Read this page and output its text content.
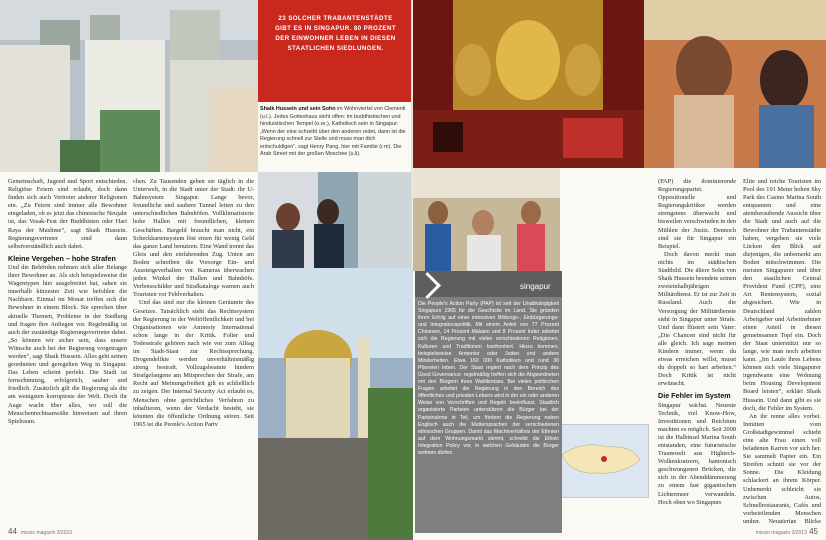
23 SOLCHER TRABANTENSTÄDTE GIBT ES IN SINGAPUR. 80 PROZENT DER EINWOHNER LEBEN IN DIESEN STAATLICHEN SIEDLUNGEN.
Shaik Hussein und sein Sohn im Wohnviertel von Clementi (u.l.). Jedes Gotteshaus steht offen: im buddhistischen und hinduistischen Tempel (o.re.), Katholisch sein in Singapur: „Wenn der eine schreibt über den anderen redet, dann ist die Regierung schnell zur Stelle und muss man dich entschuldigen“, sagt Henry Pang, hier mit Familie (r.m). Die Arab Street mit der großen Moschee (u.li).

Gemeinschaft, Jugend und Sport entschieden. Religiöse Feiern sind erlaubt, doch dann finden sich auch Vertreter anderer Religionen ein. „Zu Feiern sind immer alle Bewohner eingeladen, ob es jetzt das chinesische Neujahr ist, das Vesak-Fest der Buddhisten oder Hari Raya der Muslime“, sagt Shaik Hussein. Regierungsvertreter sind dann selbstverständlich auch dabei.

Kleine Vergehen – hohe Strafen

Und die Behörden nehmen sich aller Belange ihrer Bewohner an. Als sich beispielsweise die Wagentypen hier ausgebreitet hat, sahen sie innerhalb kürzester Zeit wie befohlen die Nachbarn. Einmal im Monat treffen sich die Bewohner in einem Block. Sie sprechen über aktuelle Themen, Probleme in der Siedlung und fragen ihre Anliegen vor. Regelmäßig ist auch der zuständige Regierungsvertreter dabei. „So können wir sicher sein, dass unsere Wünsche auch bei der Regierung vorgetragen werden“, sagt Shaik Hussein. Alles geht seinen geordneten und geregelten Weg in Singapur. Das Leben scheint perfekt. Die Stadt ist fernschmutzig, erfolgreich, sauber und friedlich. Zusätzlich gilt die Regierung als die am wenigsten korrupteste der Welt. Doch ihr Auge wacht über alles, wo soll die Menschenrechtsanwälte hinweisen auf ihren Spielraum.

chen. Zu Tausenden geben sie täglich in die Unterwelt, in die Stadt unter der Stadt: ihr U-Bahnsystem Singapur. Lange bevor, freundliche und saubere Tunnel leiten zu den unterschiedlichen Bahnhöfen. Vollklimatisierte hohe Hallen mit freundlichen, kleinen Geschäften. Bargeld braucht man nicht, ein Scheckkartensystem löst einen für wenig Geld das ganze Land benutzen. Eine Wand trennt das Gleis und den einfahrenden Zug. Unten am Boden schreiben die Vorsorge Ein- und Aussteigeverhalten vor. Kameras überwachen jeden Winkel der Hallen und Bahnhöfe. Verbotsschilder und Strafkataloge warnen auch Touristen vor Fehlverhalten.

Und das sind nur die kleinen Geräumte des Gesetzes. Tatsächlich steht das Rechtssystem der Regierung in der Weltöffentlichkeit und bei Organisationen wie Amnesty International schon lange in der Kritik. Folter und Todesstrafe gehören nach wie vor zum Alltag im Stadt-Staat zur Rechtssprechung. Drogendelikte werden unverhältnismäßig streng bestraft. Vollzugsbeamte hindern Strafgefangene am Mitsprechen der Strafe, am Recht auf Meinungsfreiheit gilt es schließlich zu zeigen. Der Internal Security Act erlaubt es, Menschen ohne gerichtliches Verfahren zu inhaftieren, wenn der Verdacht besteht, sie könnten die öffentliche Ordnung stören. Seit 1965 ist die People's Action Party

44 missio magazin 3/2013

(PAP) die dominierende Regierungspartei. Oppositionelle und Regierungskritiker werden strengstens überwacht und bisweilen verschwinden in den Mühlen der Justiz. Dennoch sind sie für Singapur ein Beispiel.

Doch davon merkt man nichts im städtischen Stadtbild. Die ältere Sohn von Shaik Hussein beendete seinen zweieinhalbjährigen Militärdienst. Er ist zur Zeit in Russland. Auch die Versorgung der Militärdienste sieht in Singapur unter Strafe. Und dann flüstert sein Vater: „Die Chancen sind nicht für alle gleich. Ich sage meinen Kindern immer, wenn du etwas erreichen willst, musst du doppelt so hart arbeiten.“ Doch Kritik ist nicht erwünscht.

Die Fehler im System

Singapur wächst. Neueste Technik, viel Know-How, Investitionen und Reichtum machten es möglich. Seit 2008 ist die Halbinsel Marina South entstanden, eine futuristische Traumwelt aus Hightech-Wolkenkratzern, hamonisch geschwungenen Brücken, die sich in der Abenddämmerung zu einem fast gigantischen Lichtermeer verwandeln. Hoch oben wo Singapurs

Elite und reiche Touristen im Pool des 191 Meter hohen Sky Park des Casino Marina South entspannen und eine atemberaubende Aussicht über die Stadt und auch auf die Bewohner der Trabantenstädte haben, vergeben sie viele Lücken den Blick auf diejenigen, die unbemerkt am Boden mitschwimmen. Die meisten Singapurer und über den staatlichen Central Provident Fund (CPF), eine Art Rentensystem, sozial abgesichert. Wie in Deutschland zahlen Arbeitgeber und Arbeitnehmer einen Anteil in diesen gemeinsamen Topf ein. Doch der Staat unterstützt nur so lange, wie man noch arbeiten kann. „Im Laufe ihres Lebens können sich viele Singapurer irgendwann eine Wohnung beim Housing Development Board leisten“, erklärt Shaik Hussein. Und dann gibt es sie doch, die Fehler im System.

An ihr renne alles vorbei. Inmitten vom Großstadtgewimmel schiebt eine alte Frau einen voll beladenen Karren vor sich her. Sie sammelt Papier ein. Ein Streifen schnitt sie vor der Sonne. Die Kleidung schlackert an ihrem Körper. Unbemerkt schleicht sie zwischen Autos, Schnellrestaurants, Cafés und vorbeieilenden Menschen umher. Neugierige Blicke

missio magazin 3/2013 45
singapur
Die People's Action Party (PAP) ist seit der Unabhängigkeit Singapurs 1965 für die Geschicke im Land. Sie gründen ihren Erfolg auf einer intensiven Bildungs-, Einbürgerungs- und Integrationspolitik. Mit einem Anteil von 77 Prozent Chinesen, 14 Prozent Malaien und 8 Prozent Inder arbeitet sich die Regierung mit vielen verschiedenen Religionen, Kulturen und Traditionen konfrontiert. Hinzu kommen, beispielsweise Armenier oder Juden und andere Minderheiten. Etwa 160 000 Katholiken und rund 30 Pfarreien leben. Der Staat regiert nach dem Prinzip des Good Governance: regelmäßig treffen sich die Abgeordneten mit den Bürgern ihres Wahlkreises. Bei vielen politischen Fragen arbeitet die Regierung in den Bereich des öffentlichen und privaten Lebens wird in der ein oder anderen Weise von Vorschriften und Regeln beeinflusst. Staatlich organisierte Parteien unterstützen die Bürger bei der Parteinahme in Teil, um fördern die Regierung neben Englisch auch die Muttersprachen der verschiedenen ethnischen Gruppen. Damit das Machtverhältnis der Ethnien auf dem Wohnungsmarkt stimmt, schreibt die Ethnic Integration Policy vor, in welchen Gebäuden die Bürger wohnen dürfen.
